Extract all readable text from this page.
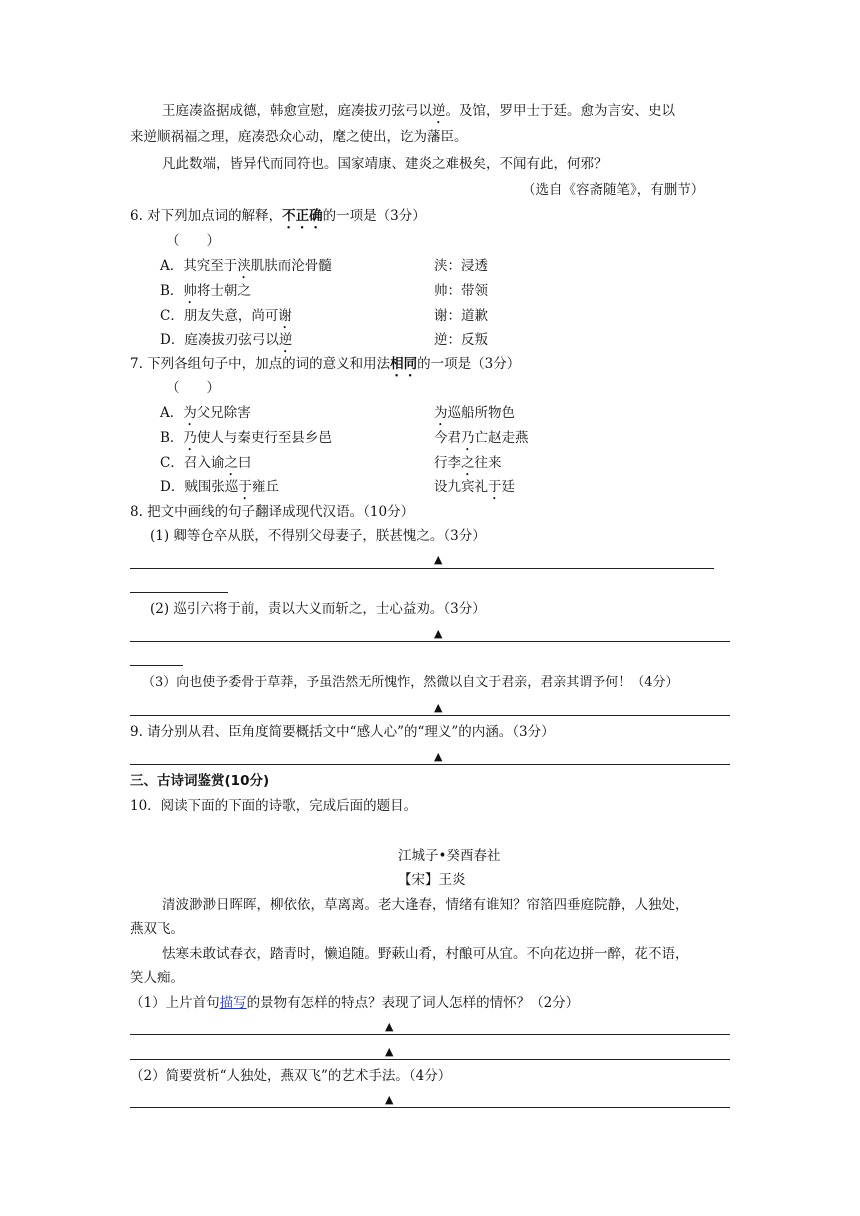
王庭凑盗据成德，韩愈宣慰，庭凑拔刃弦弓以逆。及馆，罗甲士于廷。愈为言安、史以
来逆顺祸福之理，庭凑恐众心动，麾之使出，讫为藩臣。
凡此数端，皆异代而同符也。国家靖康、建炎之难极矣，不闻有此，何邪？
（选自《容斋随笔》，有删节）
6. 对下列加点词的解释，不正确的一项是（3分）
（　　）
A．其究至于浃肌肤而沦骨髓	浃：浸透
B．帅将士朝之	帅：带领
C．朋友失意，尚可谢	谢：道歉
D．庭凑拔刃弦弓以逆	逆：反叛
7. 下列各组句子中，加点的词的意义和用法相同的一项是（3分）
（　　）
A．为父兄除害	为巡船所物色
B．乃使人与秦吏行至县乡邑	今君乃亡赵走燕
C．召入谕之曰	行李之往来
D．贼围张巡于雍丘	设九宾礼于廷
8. 把文中画线的句子翻译成现代汉语。（10分）
(1) 卿等仓卒从朕，不得别父母妻子，朕甚愧之。（3分）
▲
(2) 巡引六将于前，责以大义而斩之，士心益劝。（3分）
▲
（3）向也使予委骨于草莽，予虽浩然无所愧怍，然微以自文于君亲，君亲其谓予何！（4分）
▲
9. 请分别从君、臣角度简要概括文中“感人心”的“理义”的内涵。（3分）
▲
三、古诗词鉴赏(10分)
10．阅读下面的下面的诗歌，完成后面的题目。
江城子•癸酉春社
【宋】王炎
清波渺渺日晖晖，柳依依，草离离。老大逢春，情绪有谁知？帘箔四垂庭院静，人独处，
燕双飞。
怯寒未敢试春衣，踏青时，懒追随。野蔌山肴，村酿可从宜。不向花边拼一醉，花不语，
笑人痴。
（1）上片首句描写的景物有怎样的特点？表现了词人怎样的情怀？（2分）
▲
▲
（2）简要赏析“人独处，燕双飞”的艺术手法。（4分）
▲
